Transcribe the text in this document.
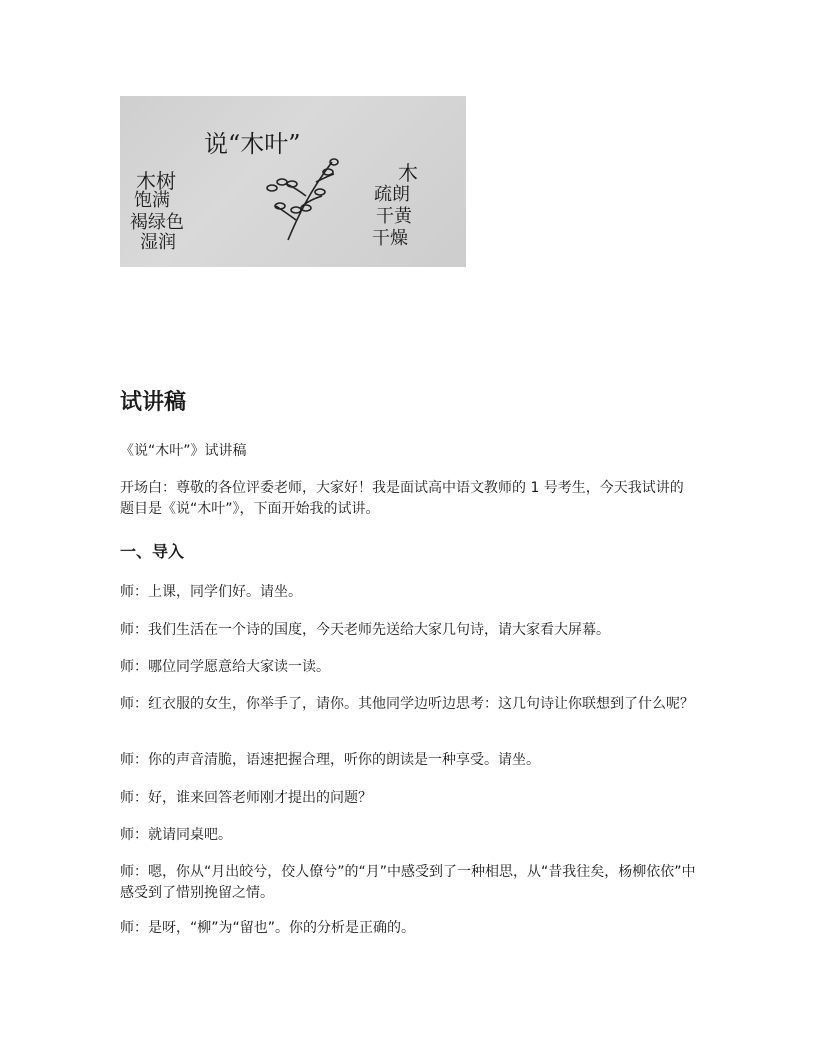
说“木叶”
木树
饱满
褐绿色
湿润
木
疏朗
干黄
干燥
试讲稿

《说“木叶”》试讲稿

开场白：尊敬的各位评委老师，大家好！我是面试高中语文教师的 1 号考生，今天我试讲的题目是《说“木叶”》，下面开始我的试讲。

一、导入

师：上课，同学们好。请坐。

师：我们生活在一个诗的国度，今天老师先送给大家几句诗，请大家看大屏幕。

师：哪位同学愿意给大家读一读。

师：红衣服的女生，你举手了，请你。其他同学边听边思考：这几句诗让你联想到了什么呢？

师：你的声音清脆，语速把握合理，听你的朗读是一种享受。请坐。

师：好，谁来回答老师刚才提出的问题？

师：就请同桌吧。

师：嗯，你从“月出皎兮，佼人僚兮”的“月”中感受到了一种相思，从“昔我往矣，杨柳依依”中感受到了惜别挽留之情。

师：是呀，“柳”为“留也”。你的分析是正确的。
